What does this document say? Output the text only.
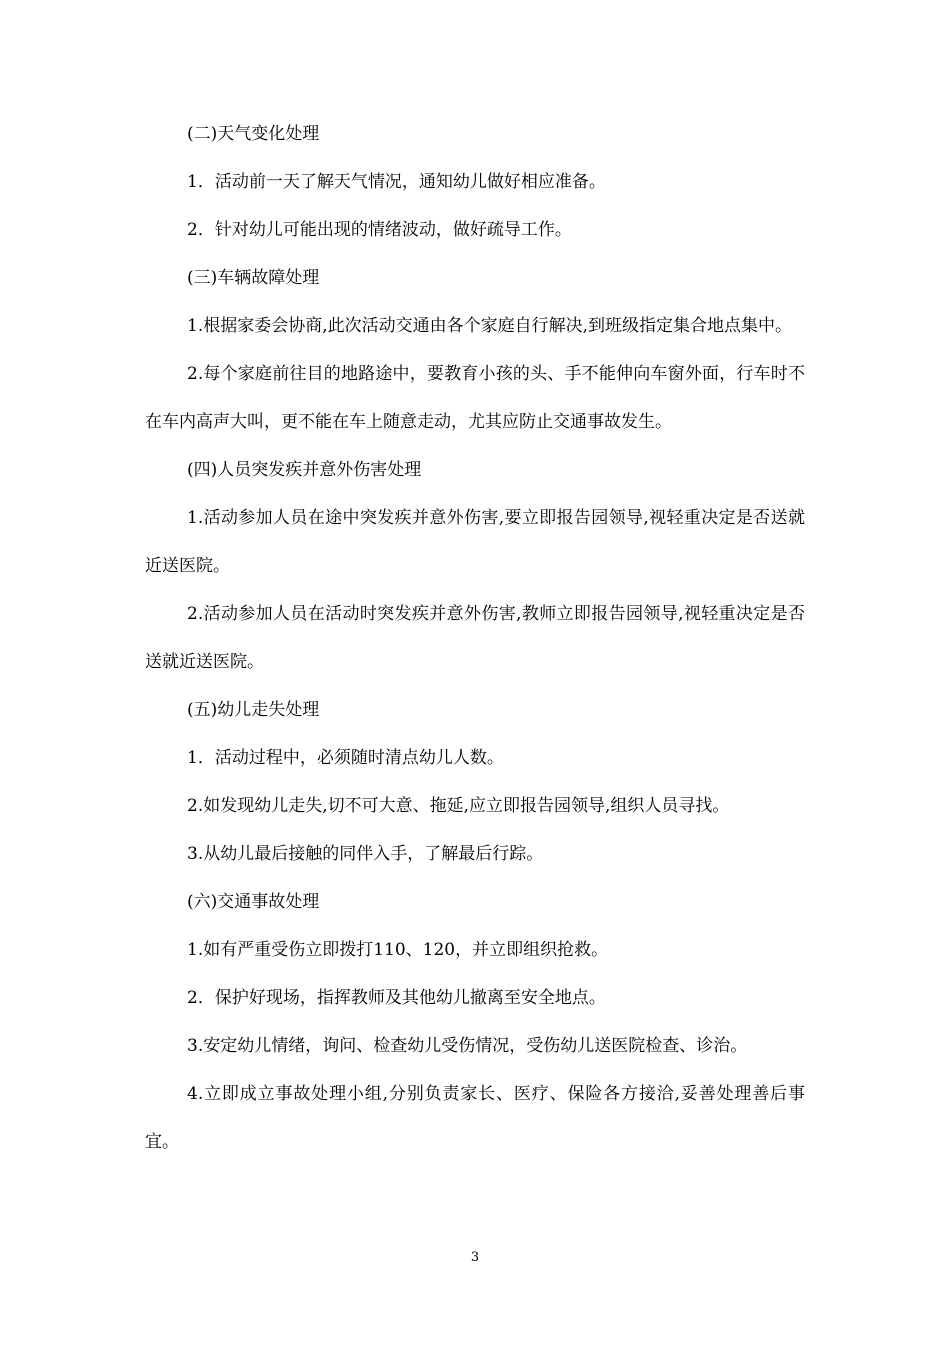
(二)天气变化处理

1．活动前一天了解天气情况，通知幼儿做好相应准备。

2．针对幼儿可能出现的情绪波动，做好疏导工作。

(三)车辆故障处理

1.根据家委会协商,此次活动交通由各个家庭自行解决,到班级指定集合地点集中。

2.每个家庭前往目的地路途中，要教育小孩的头、手不能伸向车窗外面，行车时不在车内高声大叫，更不能在车上随意走动，尤其应防止交通事故发生。

(四)人员突发疾并意外伤害处理

1.活动参加人员在途中突发疾并意外伤害,要立即报告园领导,视轻重决定是否送就近送医院。

2.活动参加人员在活动时突发疾并意外伤害,教师立即报告园领导,视轻重决定是否送就近送医院。

(五)幼儿走失处理

1．活动过程中，必须随时清点幼儿人数。

2.如发现幼儿走失,切不可大意、拖延,应立即报告园领导,组织人员寻找。

3.从幼儿最后接触的同伴入手，了解最后行踪。

(六)交通事故处理

1.如有严重受伤立即拨打110、120，并立即组织抢救。

2．保护好现场，指挥教师及其他幼儿撤离至安全地点。

3.安定幼儿情绪，询问、检查幼儿受伤情况，受伤幼儿送医院检查、诊治。

4.立即成立事故处理小组,分别负责家长、医疗、保险各方接洽,妥善处理善后事宜。

3
